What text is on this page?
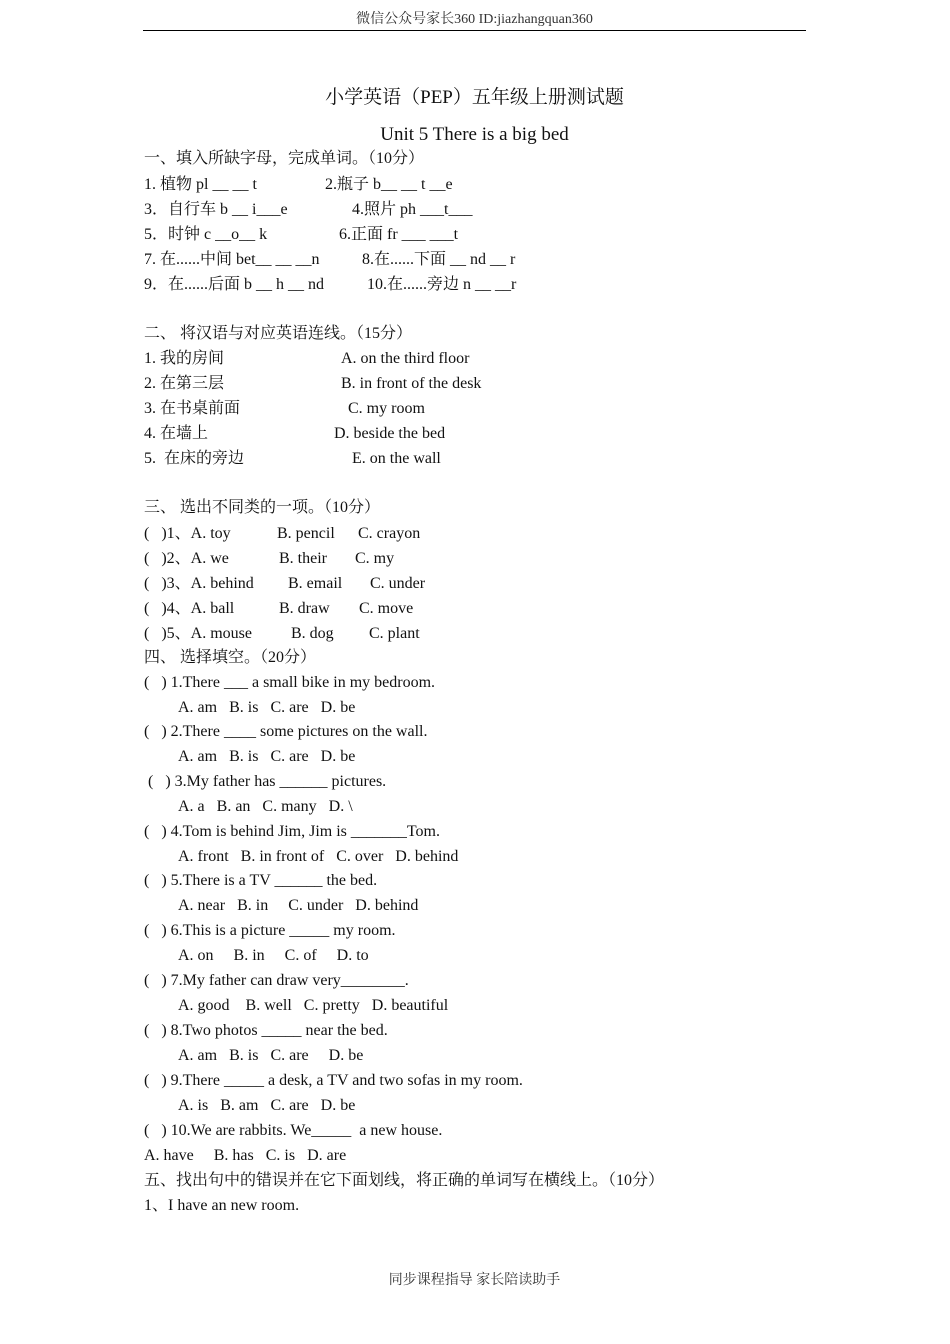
微信公众号家长360 ID:jiazhangquan360
小学英语（PEP）五年级上册测试题
Unit 5 There is a big bed
一、填入所缺字母，完成单词。（10分）
1. 植物 pl __ __ t	2.瓶子 b__ __ t __e
3．自行车 b __ i___e	4.照片 ph ___t___
5．时钟 c __o__ k	6.正面 fr ___ ___t
7. 在......中间 bet__ __ __n	8.在......下面 __ nd __ r
9．在......后面 b __ h __ nd	10.在......旁边 n __ __r
二、 将汉语与对应英语连线。（15分）
1. 我的房间	A. on the third floor
2. 在第三层	B. in front of the desk
3. 在书桌前面	C. my room
4. 在墙上	D. beside the bed
5.  在床的旁边	E. on the wall
三、 选出不同类的一项。（10分）
(   )1、A. toy	B. pencil C. crayon
(   )2、A. we	B. their C. my
(   )3、A. behind B. email C. under
(   )4、A. ball	B. draw C. move
(   )5、A. mouse B. dog C. plant
四、 选择填空。（20分）
(   ) 1.There ___ a small bike in my bedroom.
A. am   B. is   C. are   D. be
(   ) 2.There ____ some pictures on the wall.
A. am   B. is   C. are   D. be
(   ) 3.My father has ______ pictures.
A. a   B. an   C. many   D. \
(   ) 4.Tom is behind Jim, Jim is _______Tom.
A. front   B. in front of   C. over   D. behind
(   ) 5.There is a TV ______ the bed.
A. near   B. in     C. under   D. behind
(   ) 6.This is a picture _____ my room.
A. on     B. in     C. of     D. to
(   ) 7.My father can draw very________.
A. good    B. well   C. pretty   D. beautiful
(   ) 8.Two photos _____ near the bed.
A. am   B. is   C. are     D. be
(   ) 9.There _____ a desk, a TV and two sofas in my room.
A. is   B. am   C. are   D. be
(   ) 10.We are rabbits. We_____  a new house.
A. have     B. has   C. is   D. are
五、找出句中的错误并在它下面划线，将正确的单词写在横线上。（10分）
1、I have an new room.
同步课程指导 家长陪读助手
